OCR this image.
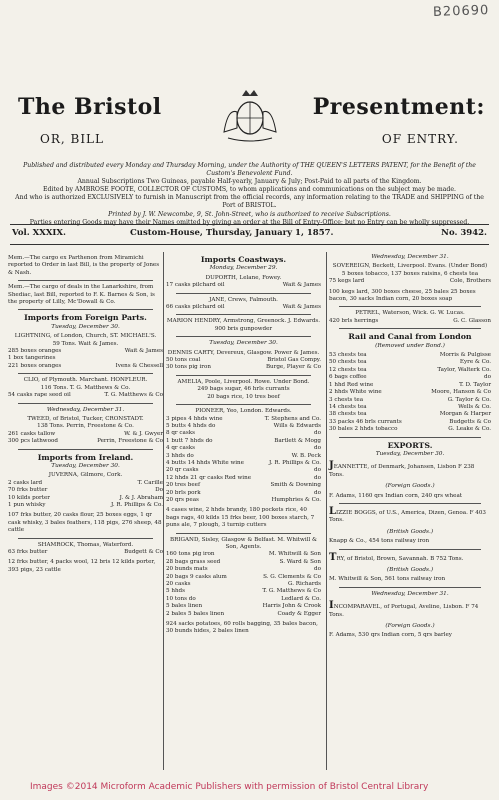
B20690
The Bristol	Presentment:
OR, BILL	OF ENTRY.
Published and distributed every Monday and Thursday Morning, under the Authority of THE QUEEN'S LETTERS PATENT, for the Benefit of the Custom's Benevolent Fund.
Annual Subscriptions Two Guineas, payable Half-yearly, January & July; Post-Paid to all parts of the Kingdom.
Edited by AMBROSE FOOTE, COLLECTOR OF CUSTOMS, to whom applications and communications on the subject may be made.
And who is authorized EXCLUSIVELY to furnish in Manuscript from the official records, any information relating to the TRADE and SHIPPING of the Port of BRISTOL.
Printed by J. W. Newcombe, 9, St. John-Street, who is authorized to receive Subscriptions.
Parties entering Goods may have their Names omitted by giving an order at the Bill of Entry-Office; but no Entry can be wholly suppressed.
Vol. XXXIX.	Custom-House, Thursday, January 1, 1857.	No. 3942.
Mem.—The cargo ex Parthenon from Miramichi reported to Order in last Bill, is the property of Jones & Nash.
Mem.—The cargo of deals in the Lanarkshire, from Shediac, last Bill, reported to F. K. Barnes & Son, is the property of Lilly, Mc'Dowall & Co.
Imports from Foreign Parts.
Tuesday, December 30.
LIGHTNING, of London, Church, ST. MICHAEL'S.
59 Tons. Wait & James.
285 boxes oranges	Wait & James
1 box tangerines
221 boxes oranges	Ivens & Chessell
CLIO, of Plymouth. Marchant. HONFLEUR.
116 Tons. T. G. Matthews & Co.
54 casks rape seed oil	T. G. Matthews & Co
Wednesday, December 31.
TWEED, of Bristol, Tucker, CRONSTADT.
138 Tons. Perrin, Freestone & Co.
261 casks tallow	W. & J. Gwyer
300 pcs lathwood	Perrin, Freestone & Co
Imports from Ireland.
Tuesday, December 30.
JUVERNA, Gilmore, Cork.
2 casks lard	T. Carille
70 frks butter	Do
10 kilds porter	J. & J. Abraham
1 pun whisky	J. R. Phillips & Co.
107 frks butter, 20 casks flour, 25 boxes eggs, 1 qr cask whisky, 3 bales feathers, 118 pigs, 276 sheep, 48 cattle
SHAMROCK, Thomas, Waterford.
63 frks butter	Budgett & Co
12 frks butter, 4 packs wool, 12 bris 12 kilds porter, 393 pigs, 23 cattle
Imports Coastways.
Monday, December 29.
DUPORTH, Lelane, Fowey.
17 casks pilchard oil	Wait & James
JANE, Crews, Falmouth.
66 casks pilchard oil	Wait & James
MARION HENDRY, Armstrong, Greenock. J. Edwards.
900 bris gunpowder
Tuesday, December 30.
DENNIS CARTY, Devereux, Glasgow. Power & James.
50 tons coal	Bristol Gas Compy.
30 tons pig iron	Burge, Player & Co
AMELIA, Poole, Liverpool. Rowe. Under Bond.
249 bags sugar, 46 hrls currants
20 bags rice, 10 tres beef
PIONEER, Yeo, London. Edwards.
3 pipes 4 hhds wine	T. Stephens and Co.
5 butts 4 hhds do	Wills & Edwards
8 qr casks	do
1 butt 7 hhds do	Bartlett & Mogg
4 qr casks	do
3 hhds do	W. B. Peck
4 butts 14 hhds White wine	J. R. Phillips & Co.
20 qr casks	do
12 hhds 21 qr casks Red wine	do
20 tres beef	Smith & Downing
20 brls pork	do
20 qrs peas	Humphries & Co.
4 cases wine, 2 hhds brandy, 180 pockets rice, 40 bags rags, 40 kilds 15 frks beer, 100 boxes starch, 7 puns ale, 7 plough, 3 turnip cutters
BRIGAND, Sisley, Glasgow & Belfast. M. Whitwill & Son, Agents.
160 tons pig iron	M. Whitwill & Son
28 bags grass seed	S. Ward & Son
20 bunds mats	do
20 bags 9 casks alum	S. G. Clements & Co
20 casks	G. Richards
5 hhds	T. G. Matthews & Co
10 tons do	Ledlard & Co.
5 bales linen	Harris John & Crook
2 bales 5 bales linen	Coady & Egger
924 sacks potatoes, 60 rolls bagging, 35 bales bacon, 30 bunds hides, 2 bales linen
Wednesday, December 31.
SOVEREIGN, Beckett, Liverpool. Evans. (Under Bond)
5 boxes tobacco, 137 boxes raisins, 6 chests tea
75 kegs lard	Cole, Brothers
100 kegs lard, 300 boxes cheese, 25 bales 25 boxes bacon, 30 sacks Indian corn, 20 boxes soap
PETREL, Waterson, Wick. G. W. Lucas.
420 brls herrings	G. C. Glasson
Rail and Canal from London
(Removed under Bond.)
53 chests tea	Morris & Pulgisse
50 chests tea	Eyre & Co.
12 chests tea	Taylor, Walterk Co.
6 bags coffee	do
1 hhd Red wine	T. D. Taylor
2 hhds White wine	Moore, Hanson & Co
3 chests tea	G. Taylor & Co.
14 chests tea	Wells & Co.
38 chests tea	Morgan & Harper
33 packs 46 brls currants	Budgetts & Co
30 bales 2 hhds tobacco	G. Leake & Co.
EXPORTS.
Tuesday, December 30.
JEANNETTE, of Denmark, Johansen, Lisbon F 238 Tons.
(Foreign Goods.)
F. Adams, 1160 qrs Indian corn, 240 qrs wheat
LIZZIE BOGGS, of U.S., America, Dizen, Genoa. F 403 Tons.
(British Goods.)
Knapp & Co., 454 tons railway iron
TRY, of Bristol, Brown, Savannah. B 752 Tons.
(British Goods.)
M. Whitwill & Son, 561 tons railway iron
Wednesday, December 31.
INCOMPARAVEL, of Portugal, Aveline, Lisbon. F 74 Tons.
(Foreign Goods.)
F. Adams, 530 qrs Indian corn, 5 qrs barley
Images ©2014 Microform Academic Publishers with permission of Bristol Central Library
